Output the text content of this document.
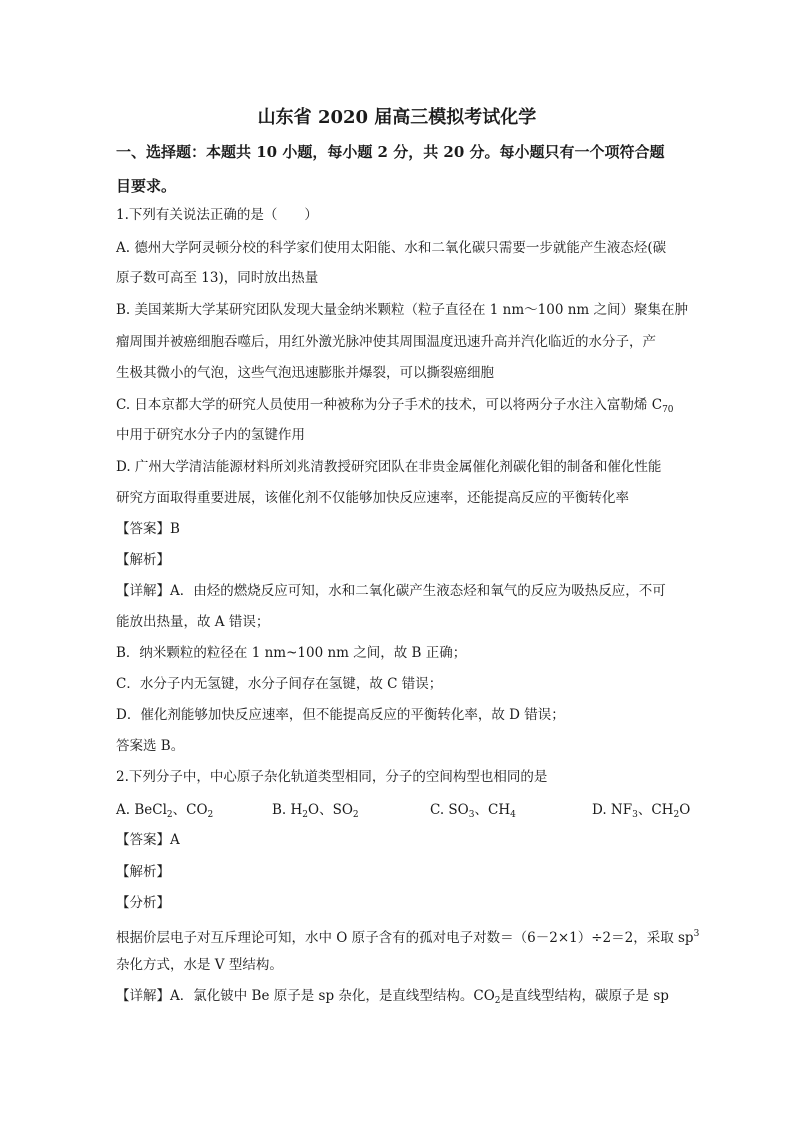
山东省 2020 届高三模拟考试化学
一、选择题：本题共 10 小题，每小题 2 分，共 20 分。每小题只有一个项符合题
目要求。
1.下列有关说法正确的是（　　）
A. 德州大学阿灵顿分校的科学家们使用太阳能、水和二氧化碳只需要一步就能产生液态烃(碳
原子数可高至 13)，同时放出热量
B. 美国莱斯大学某研究团队发现大量金纳米颗粒（粒子直径在 1 nm～100 nm 之间）聚集在肿
瘤周围并被癌细胞吞噬后，用红外激光脉冲使其周围温度迅速升高并汽化临近的水分子，产
生极其微小的气泡，这些气泡迅速膨胀并爆裂，可以撕裂癌细胞
C. 日本京都大学的研究人员使用一种被称为分子手术的技术，可以将两分子水注入富勒烯 $C_{70}$
中用于研究水分子内的氢键作用
D. 广州大学清洁能源材料所刘兆清教授研究团队在非贵金属催化剂碳化钼的制备和催化性能
研究方面取得重要进展，该催化剂不仅能够加快反应速率，还能提高反应的平衡转化率
【答案】B
【解析】
【详解】A．由烃的燃烧反应可知，水和二氧化碳产生液态烃和氧气的反应为吸热反应，不可
能放出热量，故 A 错误；
B．纳米颗粒的粒径在 1 nm~100 nm 之间，故 B 正确；
C．水分子内无氢键，水分子间存在氢键，故 C 错误；
D．催化剂能够加快反应速率，但不能提高反应的平衡转化率，故 D 错误；
答案选 B。
2.下列分子中，中心原子杂化轨道类型相同，分子的空间构型也相同的是
A. BeCl$_2$、$CO_2$	B. $H_2O$、$SO_2$	C. $SO_3$、$CH_4$	D. $NF_3$、$CH_2O$
【答案】A
【解析】
【分析】
根据价层电子对互斥理论可知，水中 O 原子含有的孤对电子对数＝（6－2×1）÷2＝2，采取 $sp^3$
杂化方式，水是 V 型结构。
【详解】A．氯化铍中 Be 原子是 sp 杂化，是直线型结构。$CO_2$是直线型结构，碳原子是 sp
